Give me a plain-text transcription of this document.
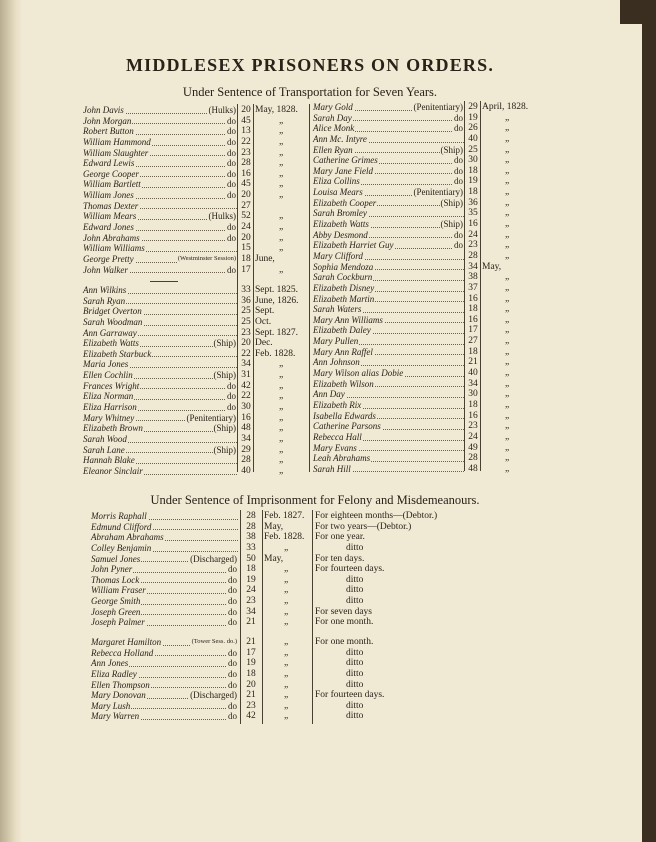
MIDDLESEX PRISONERS ON ORDERS.

Under Sentence of Transportation for Seven Years.

John Davis	(Hulks) 20 May, 1828.
John Morgan	do 45	„
Robert Button	do 13	„
William Hammond	do 22	„
William Slaughter	do 23	„
Edward Lewis	do 28	„
George Cooper	do 16	„
William Bartlett	do 45	„
William Jones	do 20	„
Thomas Dexter	27
William Mears	(Hulks) 52	„
Edward Jones	do 24	„
John Abrahams	do 20	„
William Williams	15	„
George Pretty	(Westminster Session) 18 June,
John Walker	do 17	„
Ann Wilkins	33 Sept. 1825.
Sarah Ryan	36 June, 1826.
Bridget Overton	25 Sept.
Sarah Woodman	25 Oct.
Ann Garraway	23 Sept. 1827.
Elizabeth Watts	(Ship) 20 Dec.
Elizabeth Starbuck	22 Feb. 1828.
Maria Jones	34	„
Ellen Cochlin	(Ship) 31	„
Frances Wright	do 42	„
Eliza Norman	do 22	„
Eliza Harrison	do 30	„
Mary Whitney	(Penitentiary) 16	„
Elizabeth Brown	(Ship) 48	„
Sarah Wood	34	„
Sarah Lane	(Ship) 29	„
Hannah Blake	28	„
Eleanor Sinclair	40	„
Mary Gold	(Penitentiary) 29 April, 1828.
Sarah Day	do 19	„
Alice Monk	do 26	„
Ann Mc. Intyre	40	„
Ellen Ryan	(Ship) 25	„
Catherine Grimes	do 30	„
Mary Jane Field	do 18	„
Eliza Collins	do 19	„
Louisa Mears	(Penitentiary) 18	„
Elizabeth Cooper	(Ship) 36	„
Sarah Bromley	35	„
Elizabeth Watts	(Ship) 16	„
Abby Desmond	do 24	„
Elizabeth Harriet Guy	do 23	„
Mary Clifford	28	„
Sophia Mendoza	34 May,
Sarah Cockburn	38	„
Elizabeth Disney	37	„
Elizabeth Martin	16	„
Sarah Waters	18	„
Mary Ann Williams	16	„
Elizabeth Daley	17	„
Mary Pullen	27	„
Mary Ann Raffel	18	„
Ann Johnson	21	„
Mary Wilson alias Dobie	40	„
Elizabeth Wilson	34	„
Ann Day	30	„
Elizabeth Rix	18	„
Isabella Edwards	16	„
Catherine Parsons	23	„
Rebecca Hall	24	„
Mary Evans	49	„
Leah Abrahams	28	„
Sarah Hill	48	„

Under Sentence of Imprisonment for Felony and Misdemeanours.

Morris Raphall	28 Feb. 1827. For eighteen months—(Debtor.)
Edmund Clifford	28 May,	For two years—(Debtor.)
Abraham Abrahams	38 Feb. 1828. For one year.
Colley Benjamin	33	„	ditto
Samuel Jones	(Discharged) 50 May,	For ten days.
John Pyner	do 18	„	For fourteen days.
Thomas Lock	do 19	„	ditto
William Fraser	do 24	„	ditto
George Smith	do 23	„	ditto
Joseph Green	do 34	„	For seven days
Joseph Palmer	do 21	„	For one month.
Margaret Hamilton	(Tower Sess. do.) 21	„	For one month.
Rebecca Holland	do 17	„	ditto
Ann Jones	do 19	„	ditto
Eliza Radley	do 18	„	ditto
Ellen Thompson	do 20	„	ditto
Mary Donovan	(Discharged) 21	„	For fourteen days.
Mary Lush	do 23	„	ditto
Mary Warren	do 42	„	ditto
